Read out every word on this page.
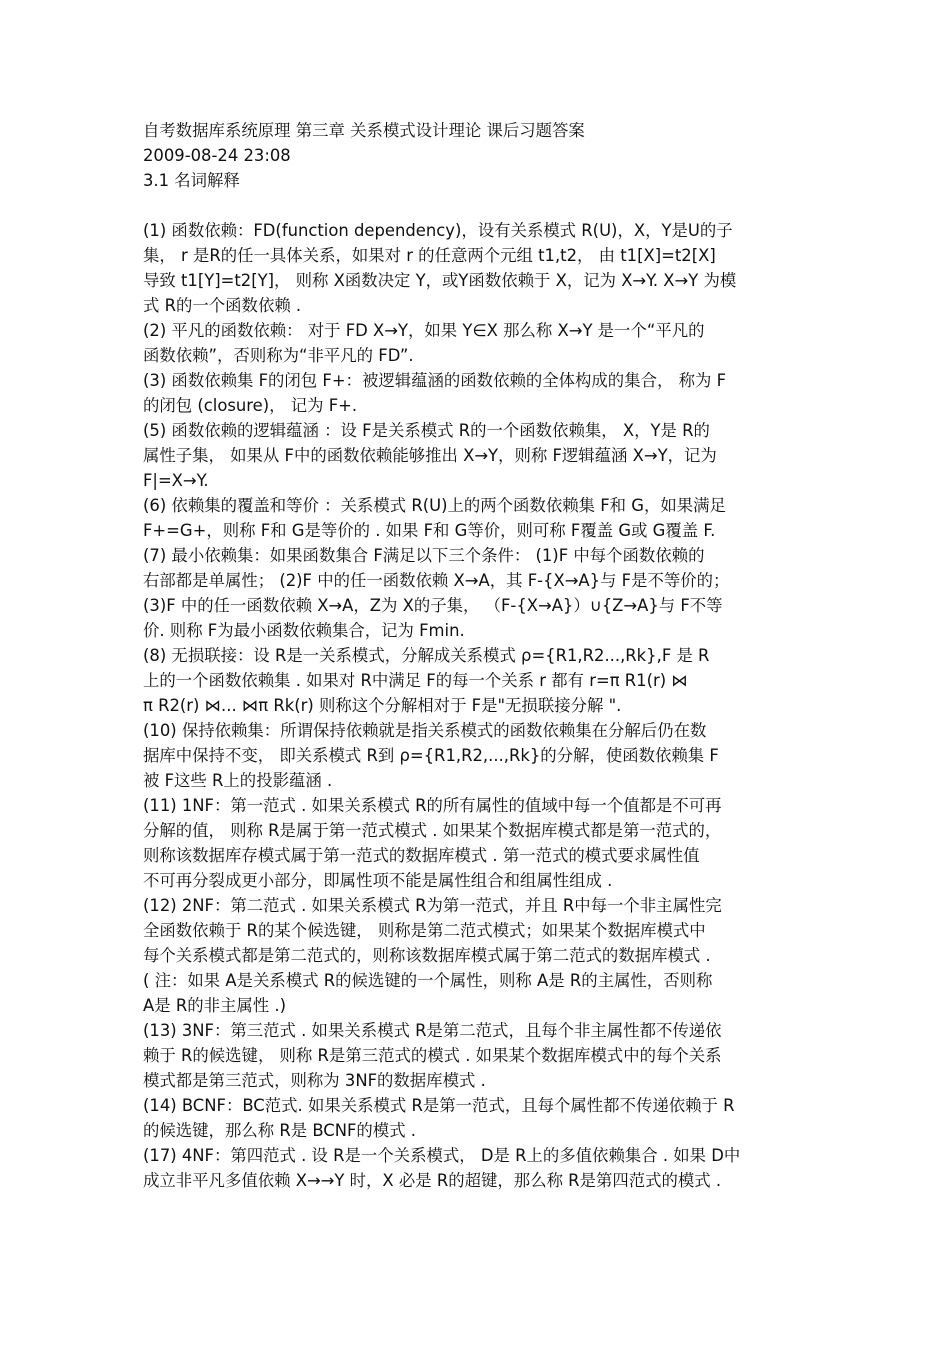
自考数据库系统原理 第三章 关系模式设计理论 课后习题答案

2009-08-24 23:08

3.1 名词解释

(1) 函数依赖：FD(function dependency)，设有关系模式 R(U)，X，Y是U的子

集， r 是R的任一具体关系，如果对 r 的任意两个元组 t1,t2， 由 t1[X]=t2[X]

导致 t1[Y]=t2[Y]， 则称 X函数决定 Y，或Y函数依赖于 X，记为 X→Y. X→Y 为模

式 R的一个函数依赖 .

(2) 平凡的函数依赖： 对于 FD X→Y，如果 Y∈X 那么称 X→Y 是一个“平凡的

函数依赖”，否则称为“非平凡的 FD”.

(3) 函数依赖集 F的闭包 F+：被逻辑蕴涵的函数依赖的全体构成的集合， 称为 F

的闭包 (closure)， 记为 F+.

(5) 函数依赖的逻辑蕴涵 ：设 F是关系模式 R的一个函数依赖集， X，Y是 R的

属性子集， 如果从 F中的函数依赖能够推出 X→Y，则称 F逻辑蕴涵 X→Y，记为

F|=X→Y.

(6) 依赖集的覆盖和等价 ：关系模式 R(U)上的两个函数依赖集 F和 G，如果满足

F+=G+，则称 F和 G是等价的 . 如果 F和 G等价，则可称 F覆盖 G或 G覆盖 F.

(7) 最小依赖集：如果函数集合 F满足以下三个条件： (1)F 中每个函数依赖的

右部都是单属性； (2)F 中的任一函数依赖 X→A，其 F-{X→A}与 F是不等价的；

(3)F 中的任一函数依赖 X→A，Z为 X的子集， （F-{X→A}）∪{Z→A}与 F不等

价. 则称 F为最小函数依赖集合，记为 Fmin.

(8) 无损联接：设 R是一关系模式，分解成关系模式 ρ={R1,R2...,Rk},F 是 R

上的一个函数依赖集 . 如果对 R中满足 F的每一个关系 r 都有 r=π R1(r) ⋈

π R2(r) ⋈... ⋈π Rk(r) 则称这个分解相对于 F是"无损联接分解 ".

(10) 保持依赖集：所谓保持依赖就是指关系模式的函数依赖集在分解后仍在数

据库中保持不变， 即关系模式 R到 ρ={R1,R2,...,Rk}的分解，使函数依赖集 F

被 F这些 R上的投影蕴涵 .

(11) 1NF：第一范式 . 如果关系模式 R的所有属性的值域中每一个值都是不可再

分解的值， 则称 R是属于第一范式模式 . 如果某个数据库模式都是第一范式的，

则称该数据库存模式属于第一范式的数据库模式 . 第一范式的模式要求属性值

不可再分裂成更小部分，即属性项不能是属性组合和组属性组成 .

(12) 2NF：第二范式 . 如果关系模式 R为第一范式，并且 R中每一个非主属性完

全函数依赖于 R的某个候选键， 则称是第二范式模式；如果某个数据库模式中

每个关系模式都是第二范式的，则称该数据库模式属于第二范式的数据库模式 .

( 注：如果 A是关系模式 R的候选键的一个属性，则称 A是 R的主属性，否则称

A是 R的非主属性 .)

(13) 3NF：第三范式 . 如果关系模式 R是第二范式，且每个非主属性都不传递依

赖于 R的候选键， 则称 R是第三范式的模式 . 如果某个数据库模式中的每个关系

模式都是第三范式，则称为 3NF的数据库模式 .

(14) BCNF：BC范式. 如果关系模式 R是第一范式，且每个属性都不传递依赖于 R

的候选键，那么称 R是 BCNF的模式 .

(17) 4NF：第四范式 . 设 R是一个关系模式， D是 R上的多值依赖集合 . 如果 D中

成立非平凡多值依赖 X→→Y 时，X 必是 R的超键，那么称 R是第四范式的模式 .
